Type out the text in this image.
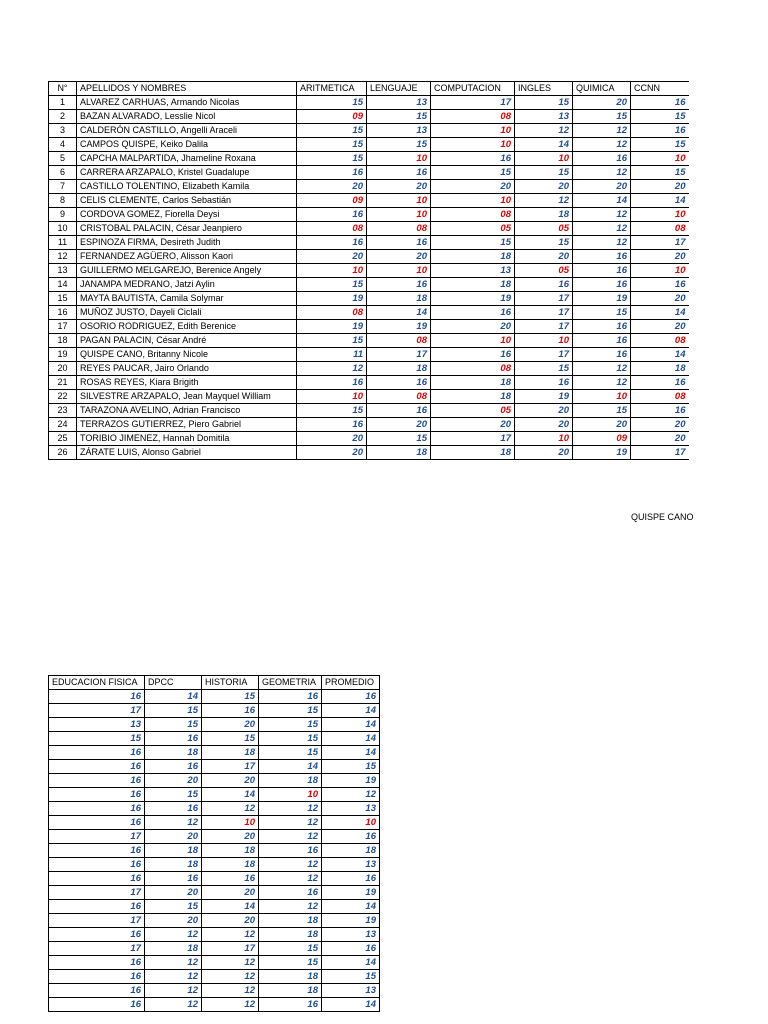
N°	APELLIDOS Y NOMBRES	ARITMETICA	LENGUAJE	COMPUTACION	INGLES	QUIMICA	CCNN
1	ALVAREZ CARHUAS, Armando Nicolas	15	13	17	15	20	16
2	BAZAN ALVARADO, Lesslie Nicol	09	15	08	13	15	15
3	CALDERÓN CASTILLO, Angelli Araceli	15	13	10	12	12	16
4	CAMPOS QUISPE, Keiko Dalila	15	15	10	14	12	15
5	CAPCHA MALPARTIDA, Jhameline Roxana	15	10	16	10	16	10
6	CARRERA ARZAPALO, Kristel Guadalupe	16	16	15	15	12	15
7	CASTILLO TOLENTINO, Elizabeth Kamila	20	20	20	20	20	20
8	CELIS CLEMENTE, Carlos Sebastián	09	10	10	12	14	14
9	CORDOVA GOMEZ, Fiorella Deysi	16	10	08	18	12	10
10	CRISTOBAL PALACIN, César Jeanpiero	08	08	05	05	12	08
11	ESPINOZA FIRMA, Desireth Judith	16	16	15	15	12	17
12	FERNANDEZ AGÜERO, Alisson Kaori	20	20	18	20	16	20
13	GUILLERMO MELGAREJO, Berenice Angely	10	10	13	05	16	10
14	JANAMPA MEDRANO, Jatzi Aylin	15	16	18	16	16	16
15	MAYTA BAUTISTA, Camila Solymar	19	18	19	17	19	20
16	MUÑOZ JUSTO, Dayeli Ciclali	08	14	16	17	15	14
17	OSORIO RODRIGUEZ, Edith Berenice	19	19	20	17	16	20
18	PAGAN PALACIN, César André	15	08	10	10	16	08
19	QUISPE CANO, Britanny Nicole	11	17	16	17	16	14
20	REYES PAUCAR, Jairo Orlando	12	18	08	15	12	18
21	ROSAS REYES, Kiara Brigith	16	16	18	16	12	16
22	SILVESTRE ARZAPALO, Jean Mayquel William	10	08	18	19	10	08
23	TARAZONA AVELINO, Adrian Francisco	15	16	05	20	15	16
24	TERRAZOS GUTIERREZ, Piero Gabriel	16	20	20	20	20	20
25	TORIBIO JIMENEZ, Hannah Domitila	20	15	17	10	09	20
26	ZÁRATE LUIS, Alonso Gabriel	20	18	18	20	19	17
QUISPE CANO
EDUCACION FISICA	DPCC	HISTORIA	GEOMETRIA	PROMEDIO
16	14	15	16	16
17	15	16	15	14
13	15	20	15	14
15	16	15	15	14
16	18	18	15	14
16	16	17	14	15
16	20	20	18	19
16	15	14	10	12
16	16	12	12	13
16	12	10	12	10
17	20	20	12	16
16	18	18	16	18
16	18	18	12	13
16	16	16	12	16
17	20	20	16	19
16	15	14	12	14
17	20	20	18	19
16	12	12	18	13
17	18	17	15	16
16	12	12	15	14
16	12	12	18	15
16	12	12	18	13
16	12	12	16	14
